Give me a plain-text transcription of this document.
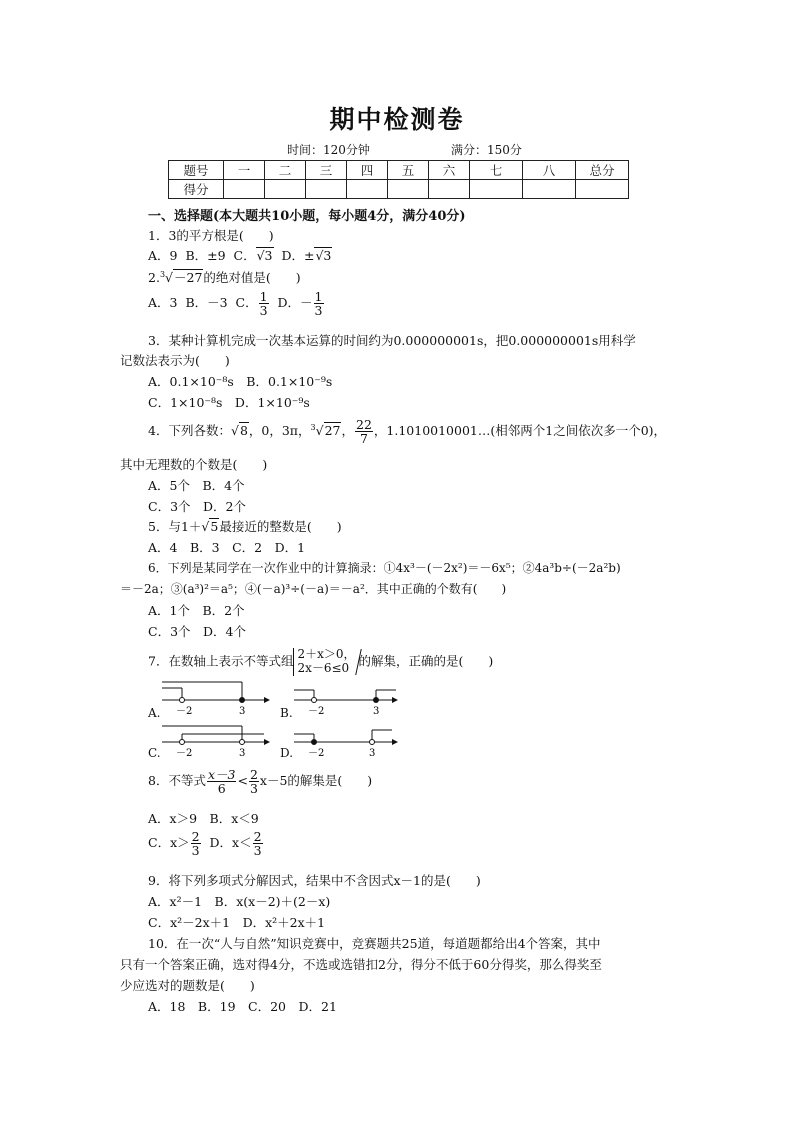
期中检测卷
时间：120分钟	满分：150分
题号	一	二	三	四	五	六	七	八	总分
得分									
一、选择题(本大题共10小题，每小题4分，满分40分)
1．3的平方根是(　　)
A．9 B．±9 C．√3 D．±√3
2.$^3$√－27的绝对值是(　　)
A．3 B．－3 C． $\frac{1}{3}$ D．－ $\frac{1}{3}$
3．某种计算机完成一次基本运算的时间约为0.000000001s，把0.000000001s用科学
记数法表示为(　　)
A．0.1×10⁻⁸s　B．0.1×10⁻⁹s
C．1×10⁻⁸s　D．1×10⁻⁹s
4．下列各数：√8，0，3π，$^3$√27， $\frac{22}{7}$ ，1.1010010001…(相邻两个1之间依次多一个0)，
其中无理数的个数是(　　)
A．5个　B．4个
C．3个　D．2个
5．与1＋√5最接近的整数是(　　)
A．4　B．3　C．2　D．1
6．下列是某同学在一次作业中的计算摘录：①4x³－(－2x²)＝－6x⁵；②4a³b÷(－2a²b)
＝－2a；③(a³)²＝a⁵；④(－a)³÷(－a)＝－a²．其中正确的个数有(　　)
A．1个　B．2个
C．3个　D．4个
7．在数轴上表示不等式组 2＋x＞0，
2x－6≤0 的解集，正确的是(　　)
A. －2	3	B. －2	3
C. －2	3	D. －2	3
8．不等式 $\frac{x-3}{6} < \frac{2}{3} x-5$的解集是(　　)
A．x＞9　B．x＜9
C．$x> \frac{2}{3}$ D．$x< \frac{2}{3}$
9．将下列多项式分解因式，结果中不含因式x－1的是(　　)
A．x²－1　B．x(x－2)＋(2－x)
C．x²－2x＋1　D．x²＋2x＋1
10．在一次“人与自然”知识竞赛中，竞赛题共25道，每道题都给出4个答案，其中
只有一个答案正确，选对得4分，不选或选错扣2分，得分不低于60分得奖，那么得奖至
少应选对的题数是(　　)
A．18　B．19　C．20　D．21
